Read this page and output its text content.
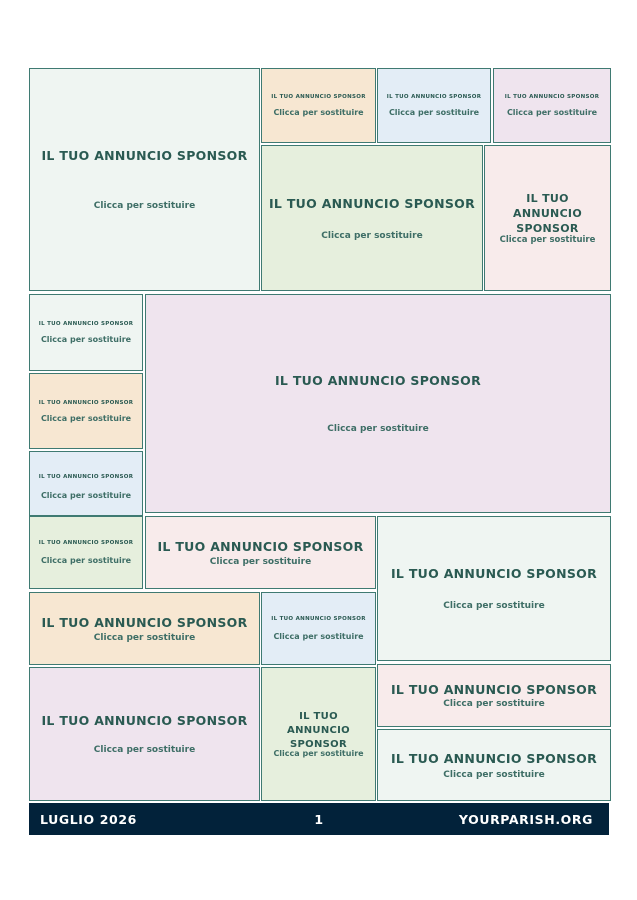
IL TUO ANNUNCIO SPONSOR
Clicca per sostituire
IL TUO ANNUNCIO SPONSOR
Clicca per sostituire
IL TUO ANNUNCIO SPONSOR
Clicca per sostituire
IL TUO ANNUNCIO SPONSOR
Clicca per sostituire
IL TUO ANNUNCIO SPONSOR
Clicca per sostituire
IL TUO ANNUNCIO SPONSOR
Clicca per sostituire
IL TUO ANNUNCIO SPONSOR
Clicca per sostituire
IL TUO ANNUNCIO SPONSOR
Clicca per sostituire
IL TUO ANNUNCIO SPONSOR
Clicca per sostituire
IL TUO ANNUNCIO SPONSOR
Clicca per sostituire
IL TUO ANNUNCIO SPONSOR
Clicca per sostituire
IL TUO ANNUNCIO SPONSOR
Clicca per sostituire
IL TUO ANNUNCIO SPONSOR
Clicca per sostituire
IL TUO ANNUNCIO SPONSOR
Clicca per sostituire
IL TUO ANNUNCIO SPONSOR
Clicca per sostituire
IL TUO ANNUNCIO SPONSOR
Clicca per sostituire
IL TUO ANNUNCIO SPONSOR
Clicca per sostituire
IL TUO ANNUNCIO SPONSOR
Clicca per sostituire
IL TUO ANNUNCIO SPONSOR
Clicca per sostituire
LUGLIO 2026	1	YOURPARISH.ORG
